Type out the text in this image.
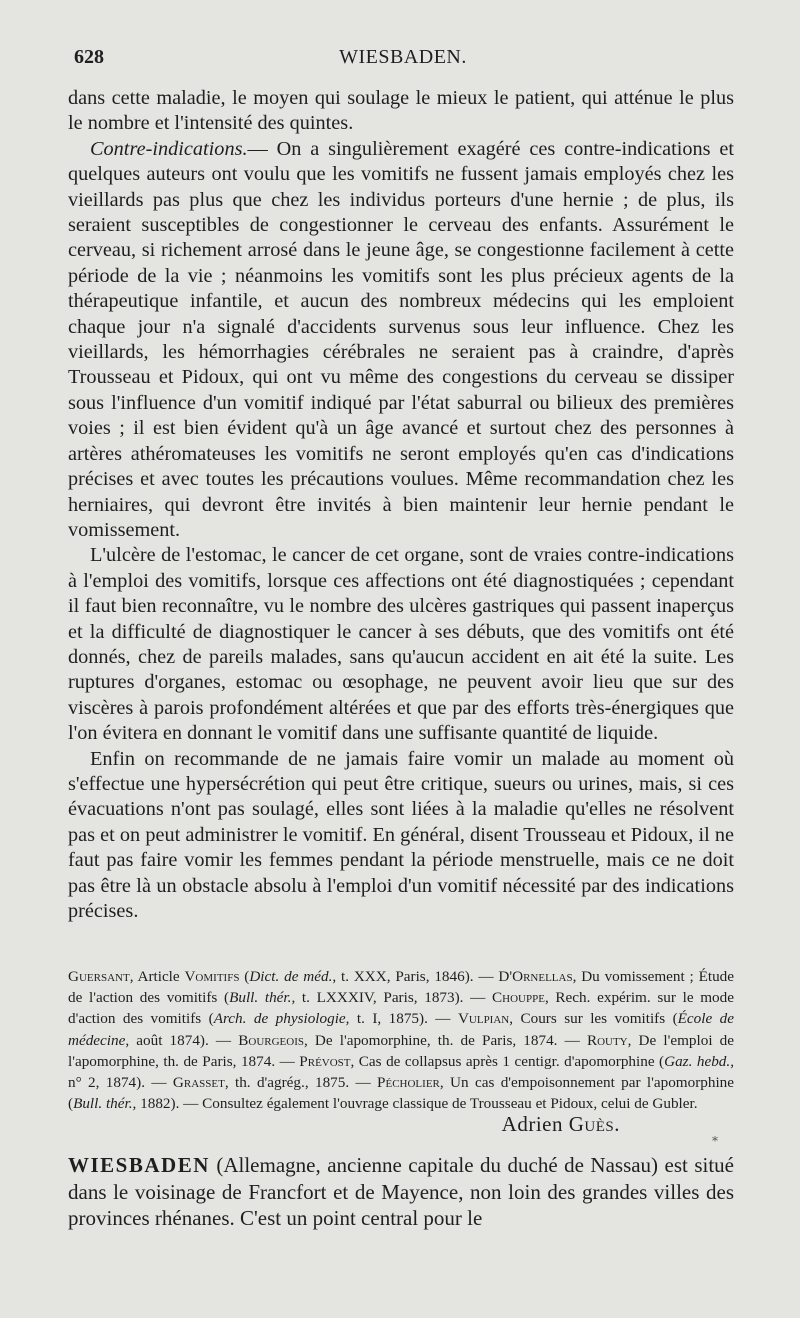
628	WIESBADEN.

dans cette maladie, le moyen qui soulage le mieux le patient, qui atténue le plus le nombre et l'intensité des quintes.

Contre-indications.— On a singulièrement exagéré ces contre-indications et quelques auteurs ont voulu que les vomitifs ne fussent jamais employés chez les vieillards pas plus que chez les individus porteurs d'une hernie ; de plus, ils seraient susceptibles de congestionner le cerveau des enfants. Assurément le cerveau, si richement arrosé dans le jeune âge, se congestionne facilement à cette période de la vie ; néanmoins les vomitifs sont les plus précieux agents de la thérapeutique infantile, et aucun des nombreux médecins qui les emploient chaque jour n'a signalé d'accidents survenus sous leur influence. Chez les vieillards, les hémorrhagies cérébrales ne seraient pas à craindre, d'après Trousseau et Pidoux, qui ont vu même des congestions du cerveau se dissiper sous l'influence d'un vomitif indiqué par l'état saburral ou bilieux des premières voies ; il est bien évident qu'à un âge avancé et surtout chez des personnes à artères athéromateuses les vomitifs ne seront employés qu'en cas d'indications précises et avec toutes les précautions voulues. Même recommandation chez les herniaires, qui devront être invités à bien maintenir leur hernie pendant le vomissement.

L'ulcère de l'estomac, le cancer de cet organe, sont de vraies contre-indications à l'emploi des vomitifs, lorsque ces affections ont été diagnostiquées ; cependant il faut bien reconnaître, vu le nombre des ulcères gastriques qui passent inaperçus et la difficulté de diagnostiquer le cancer à ses débuts, que des vomitifs ont été donnés, chez de pareils malades, sans qu'aucun accident en ait été la suite. Les ruptures d'organes, estomac ou œsophage, ne peuvent avoir lieu que sur des viscères à parois profondément altérées et que par des efforts très-énergiques que l'on évitera en donnant le vomitif dans une suffisante quantité de liquide.

Enfin on recommande de ne jamais faire vomir un malade au moment où s'effectue une hypersécrétion qui peut être critique, sueurs ou urines, mais, si ces évacuations n'ont pas soulagé, elles sont liées à la maladie qu'elles ne résolvent pas et on peut administrer le vomitif. En général, disent Trousseau et Pidoux, il ne faut pas faire vomir les femmes pendant la période menstruelle, mais ce ne doit pas être là un obstacle absolu à l'emploi d'un vomitif nécessité par des indications précises.

Guersant, Article Vomitifs (Dict. de méd., t. XXX, Paris, 1846). — D'Ornellas, Du vomissement ; Étude de l'action des vomitifs (Bull. thér., t. LXXXIV, Paris, 1873). — Chouppe, Rech. expérim. sur le mode d'action des vomitifs (Arch. de physiologie, t. I, 1875). — Vulpian, Cours sur les vomitifs (École de médecine, août 1874). — Bourgeois, De l'apomorphine, th. de Paris, 1874. — Routy, De l'emploi de l'apomorphine, th. de Paris, 1874. — Prévost, Cas de collapsus après 1 centigr. d'apomorphine (Gaz. hebd., n° 2, 1874). — Grasset, th. d'agrég., 1875. — Pécholier, Un cas d'empoisonnement par l'apomorphine (Bull. thér., 1882). — Consultez également l'ouvrage classique de Trousseau et Pidoux, celui de Gubler.
Adrien Guès.
*
WIESBADEN (Allemagne, ancienne capitale du duché de Nassau) est situé dans le voisinage de Francfort et de Mayence, non loin des grandes villes des provinces rhénanes. C'est un point central pour le
